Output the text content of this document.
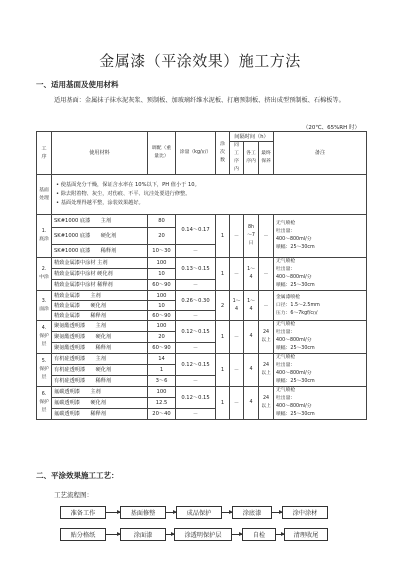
金属漆（平涂效果）施工方法
一、适用基面及使用材料
适用基面：金属抹子抹水泥灰浆、预制板、加玻璃纤维水泥板、打磨预制板、挤出成型预制板、石棉板等。
（20℃、65%RH 时）
工序	使用材料	调配（重量比）	涂量（kg/㎡）	涂次数	间隔时间（h）			备注
					同工序内	各工序内	最终保养	
基面处理	• 使基面充分干燥，保证含水率在 10%以下，PH 值小于 10。
• 除去附着物、灰尘，对伤痕、不平、坑洼处要进行修整。
• 基面处理得越平整，涂装效果越好。							

1. 底涂	SK#1000 底漆　　主剂	80	0.14～0.17	1	－	8h～7 日	－	无气喷枪
吐出量：
400～800ml/分
喷幅：25～30cm

	SK#1000 底漆　　硬化剂	20						
	SK#1000 底漆　　稀释剂	10～30	－					
2. 中涂	精致金属漆中涂材 主剂	100	0.13～0.15	1	－	1～4	－	无气喷枪
吐出量：
400～800ml/分
喷幅：25～30cm

	精致金属漆中涂材 硬化剂	10						
	精致金属漆中涂材 稀释剂	60～90	－					
3. 面涂	精致金属漆　　主剂	100	0.26～0.30	2	1～4	1～4	－	金属漆喷枪
口径：1.5～2.5mm
压力：6～7kgf/c㎡

	精致金属漆　　硬化剂	10						
	精致金属漆　　稀释剂	60～90	－					
4. 保护层	聚氨酯透明漆　　主剂	100	0.12～0.15	1	－	4	24 以上	无气喷枪
吐出量：
400～800ml/分
喷幅：25～30cm

	聚氨酯透明漆　　硬化剂	20						
	聚氨酯透明漆　　稀释剂	60～90	－					
5. 保护层	有机硅透明漆　　主剂	14	0.12～0.15	1	－	4	24 以上	无气喷枪
吐出量：
400～800ml/分
喷幅：25～30cm

	有机硅透明漆　　硬化剂	1						
	有机硅透明漆　　稀释剂	3～6	－					
6. 保护层	氟碳透明漆　　主剂	100	0.12～0.15	1	－	4	24 以上	无气喷枪
吐出量：
400～800ml/分
喷幅：25～30cm

	氟碳透明漆　　硬化剂	12.5						
	氟碳透明漆　　稀释剂	20～40	－					
二、平涂效果施工工艺：
工艺流程图：
准备工作	基面修整	成品保护	涂底漆	涂中涂材
贴分格纸	涂面漆	涂透明保护层	自检	清理收尾
